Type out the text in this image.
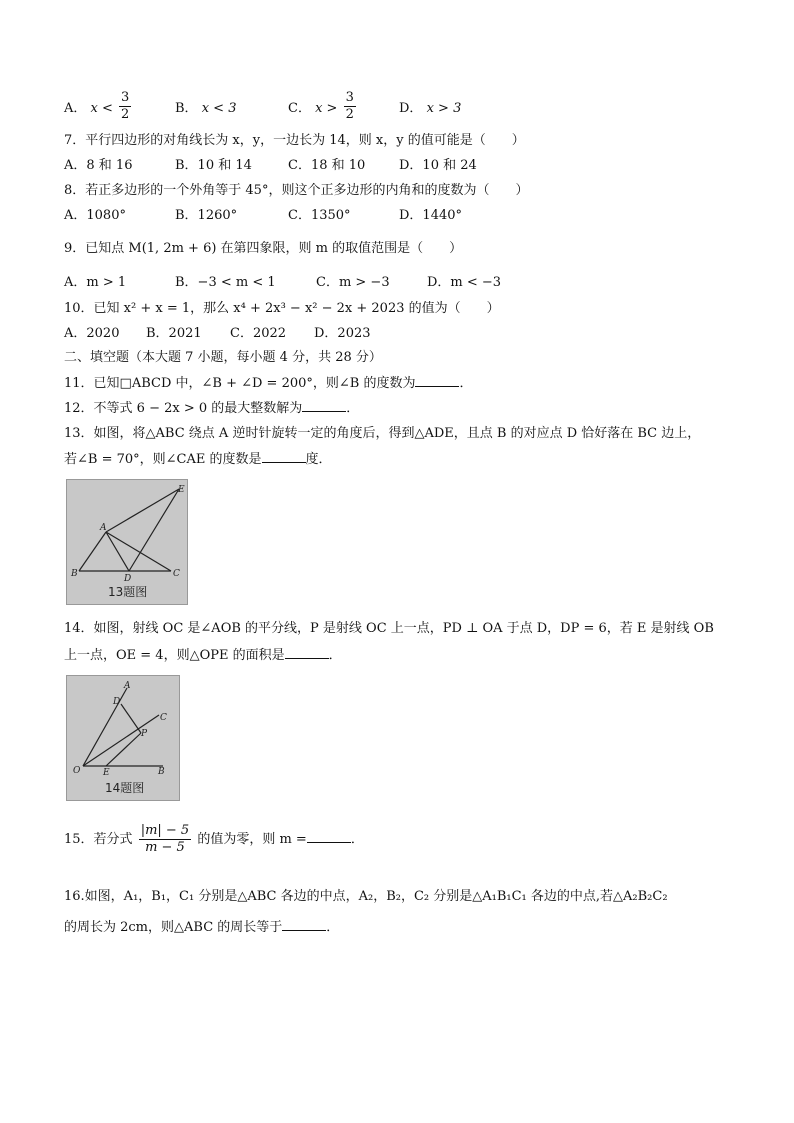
A． $x < \frac{3}{2}$	B． x < 3	C． $x > \frac{3}{2}$	D． x > 3
7．平行四边形的对角线长为 x，y，一边长为 14，则 x，y 的值可能是（　　）
A．8 和 16	B．10 和 14	C．18 和 10	D．10 和 24
8．若正多边形的一个外角等于 45°，则这个正多边形的内角和的度数为（　　）
A．1080°	B．1260°	C．1350°	D．1440°
9．已知点 M(1, 2m + 6) 在第四象限，则 m 的取值范围是（　　）
A．m > 1	B．−3 < m < 1	C．m > −3	D．m < −3
10．已知 x² + x = 1，那么 x⁴ + 2x³ − x² − 2x + 2023 的值为（　　）
A．2020 B．2021 C．2022 D．2023
二、填空题（本大题 7 小题，每小题 4 分，共 28 分）
11．已知□ABCD 中，∠B + ∠D = 200°，则∠B 的度数为	．
12．不等式 6 − 2x > 0 的最大整数解为	．
13．如图，将△ABC 绕点 A 逆时针旋转一定的角度后，得到△ADE，且点 B 的对应点 D 恰好落在 BC 边上，
若∠B = 70°，则∠CAE 的度数是	度．
A
B	C
D
E
13题图
14．如图，射线 OC 是∠AOB 的平分线，P 是射线 OC 上一点，PD ⊥ OA 于点 D，DP = 6，若 E 是射线 OB
上一点，OE = 4，则△OPE 的面积是	．
A
D
C
P
O	E	B
14题图
15．若分式 $\frac{|m| - 5}{m - 5}$ 的值为零，则 m =	．
16.如图，A₁，B₁，C₁ 分别是△ABC 各边的中点，A₂，B₂，C₂ 分别是△A₁B₁C₁ 各边的中点,若△A₂B₂C₂
的周长为 2cm，则△ABC 的周长等于	．
